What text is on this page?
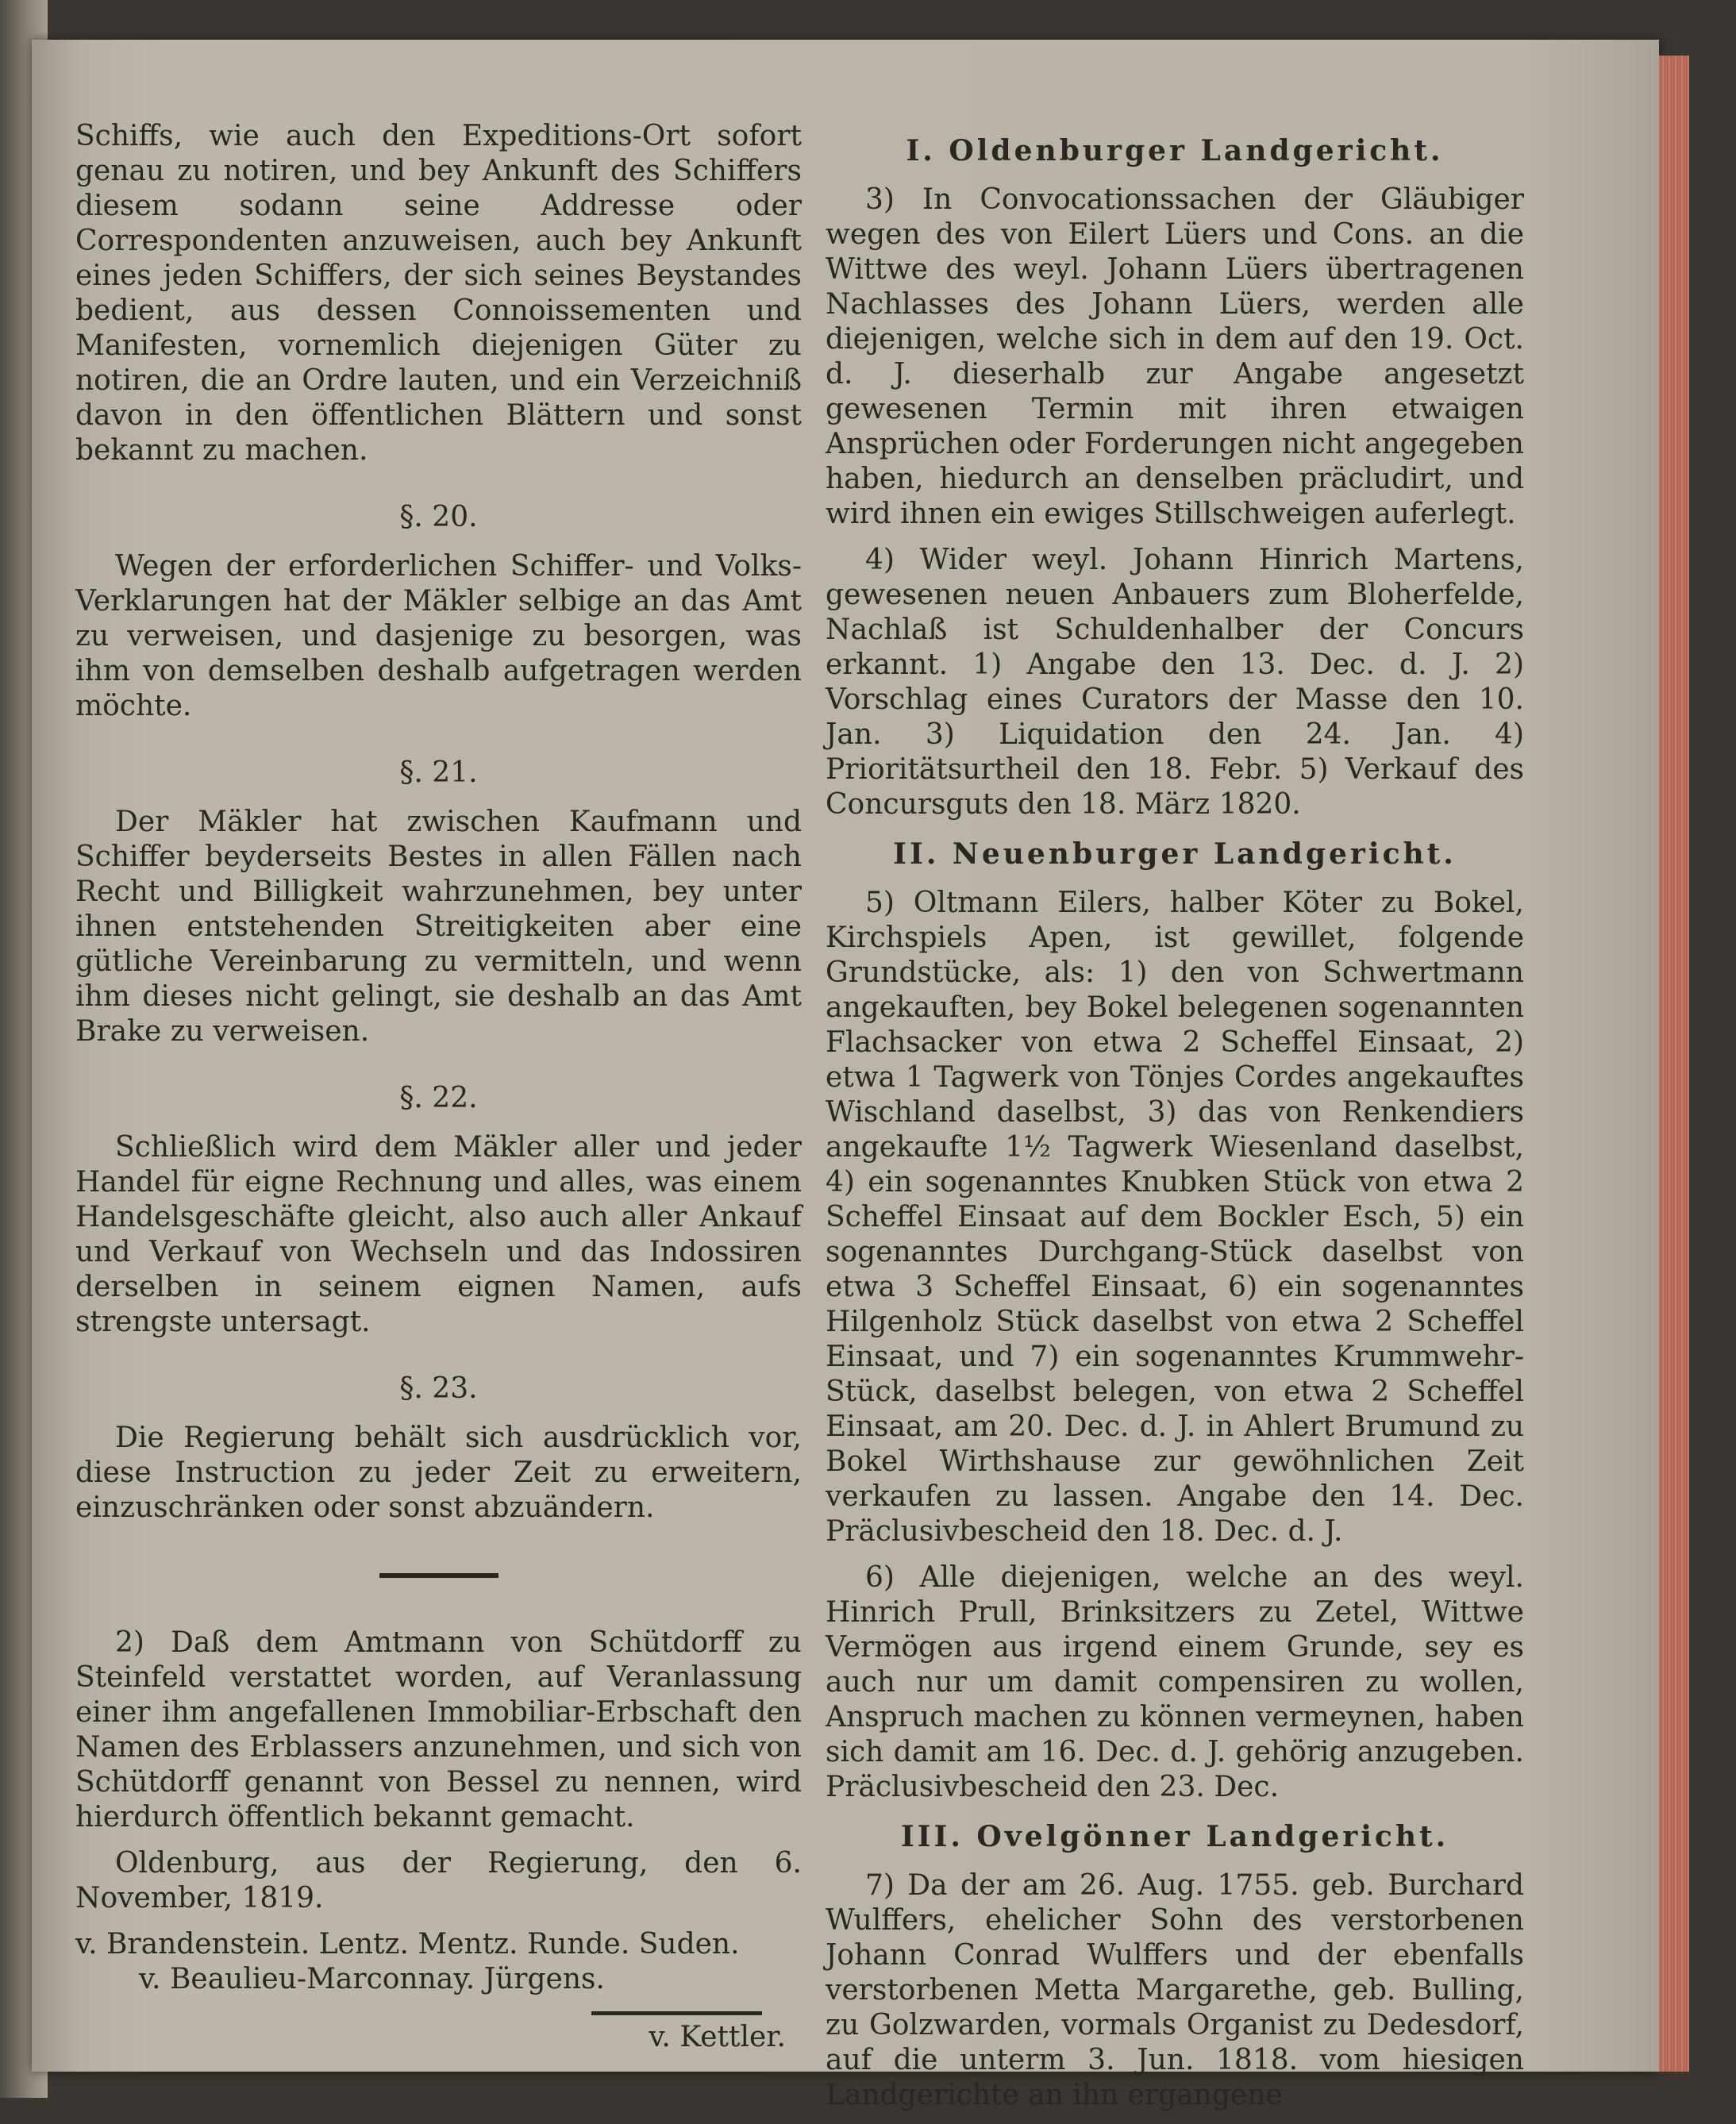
Schiffs, wie auch den Expeditions-Ort sofort genau zu notiren, und bey Ankunft des Schiffers diesem sodann seine Addresse oder Correspondenten anzuweisen, auch bey Ankunft eines jeden Schiffers, der sich seines Beystandes bedient, aus dessen Connoissementen und Manifesten, vornemlich diejenigen Güter zu notiren, die an Ordre lauten, und ein Verzeichniß davon in den öffentlichen Blättern und sonst bekannt zu machen.

§. 20.

Wegen der erforderlichen Schiffer- und Volks-Verklarungen hat der Mäkler selbige an das Amt zu verweisen, und dasjenige zu besorgen, was ihm von demselben deshalb aufgetragen werden möchte.

§. 21.

Der Mäkler hat zwischen Kaufmann und Schiffer beyderseits Bestes in allen Fällen nach Recht und Billigkeit wahrzunehmen, bey unter ihnen entstehenden Streitigkeiten aber eine gütliche Vereinbarung zu vermitteln, und wenn ihm dieses nicht gelingt, sie deshalb an das Amt Brake zu verweisen.

§. 22.

Schließlich wird dem Mäkler aller und jeder Handel für eigne Rechnung und alles, was einem Handelsgeschäfte gleicht, also auch aller Ankauf und Verkauf von Wechseln und das Indossiren derselben in seinem eignen Namen, aufs strengste untersagt.

§. 23.

Die Regierung behält sich ausdrücklich vor, diese Instruction zu jeder Zeit zu erweitern, einzuschränken oder sonst abzuändern.

2) Daß dem Amtmann von Schütdorff zu Steinfeld verstattet worden, auf Veranlassung einer ihm angefallenen Immobiliar-Erbschaft den Namen des Erblassers anzunehmen, und sich von Schütdorff genannt von Bessel zu nennen, wird hierdurch öffentlich bekannt gemacht.

Oldenburg, aus der Regierung, den 6. November, 1819.

v. Brandenstein. Lentz. Mentz. Runde. Suden.

v. Beaulieu-Marconnay. Jürgens.

v. Kettler.

I. Oldenburger Landgericht.

3) In Convocationssachen der Gläubiger wegen des von Eilert Lüers und Cons. an die Wittwe des weyl. Johann Lüers übertragenen Nachlasses des Johann Lüers, werden alle diejenigen, welche sich in dem auf den 19. Oct. d. J. dieserhalb zur Angabe angesetzt gewesenen Termin mit ihren etwaigen Ansprüchen oder Forderungen nicht angegeben haben, hiedurch an denselben präcludirt, und wird ihnen ein ewiges Stillschweigen auferlegt.

4) Wider weyl. Johann Hinrich Martens, gewesenen neuen Anbauers zum Bloherfelde, Nachlaß ist Schuldenhalber der Concurs erkannt. 1) Angabe den 13. Dec. d. J. 2) Vorschlag eines Curators der Masse den 10. Jan. 3) Liquidation den 24. Jan. 4) Prioritätsurtheil den 18. Febr. 5) Verkauf des Concursguts den 18. März 1820.

II. Neuenburger Landgericht.

5) Oltmann Eilers, halber Köter zu Bokel, Kirchspiels Apen, ist gewillet, folgende Grundstücke, als: 1) den von Schwertmann angekauften, bey Bokel belegenen sogenannten Flachsacker von etwa 2 Scheffel Einsaat, 2) etwa 1 Tagwerk von Tönjes Cordes angekauftes Wischland daselbst, 3) das von Renkendiers angekaufte 1½ Tagwerk Wiesenland daselbst, 4) ein sogenanntes Knubken Stück von etwa 2 Scheffel Einsaat auf dem Bockler Esch, 5) ein sogenanntes Durchgang-Stück daselbst von etwa 3 Scheffel Einsaat, 6) ein sogenanntes Hilgenholz Stück daselbst von etwa 2 Scheffel Einsaat, und 7) ein sogenanntes Krummwehr-Stück, daselbst belegen, von etwa 2 Scheffel Einsaat, am 20. Dec. d. J. in Ahlert Brumund zu Bokel Wirthshause zur gewöhnlichen Zeit verkaufen zu lassen. Angabe den 14. Dec. Präclusivbescheid den 18. Dec. d. J.

6) Alle diejenigen, welche an des weyl. Hinrich Prull, Brinksitzers zu Zetel, Wittwe Vermögen aus irgend einem Grunde, sey es auch nur um damit compensiren zu wollen, Anspruch machen zu können vermeynen, haben sich damit am 16. Dec. d. J. gehörig anzugeben. Präclusivbescheid den 23. Dec.

III. Ovelgönner Landgericht.

7) Da der am 26. Aug. 1755. geb. Burchard Wulffers, ehelicher Sohn des verstorbenen Johann Conrad Wulffers und der ebenfalls verstorbenen Metta Margarethe, geb. Bulling, zu Golzwarden, vormals Organist zu Dedesdorf, auf die unterm 3. Jun. 1818. vom hiesigen Landgerichte an ihn ergangene
